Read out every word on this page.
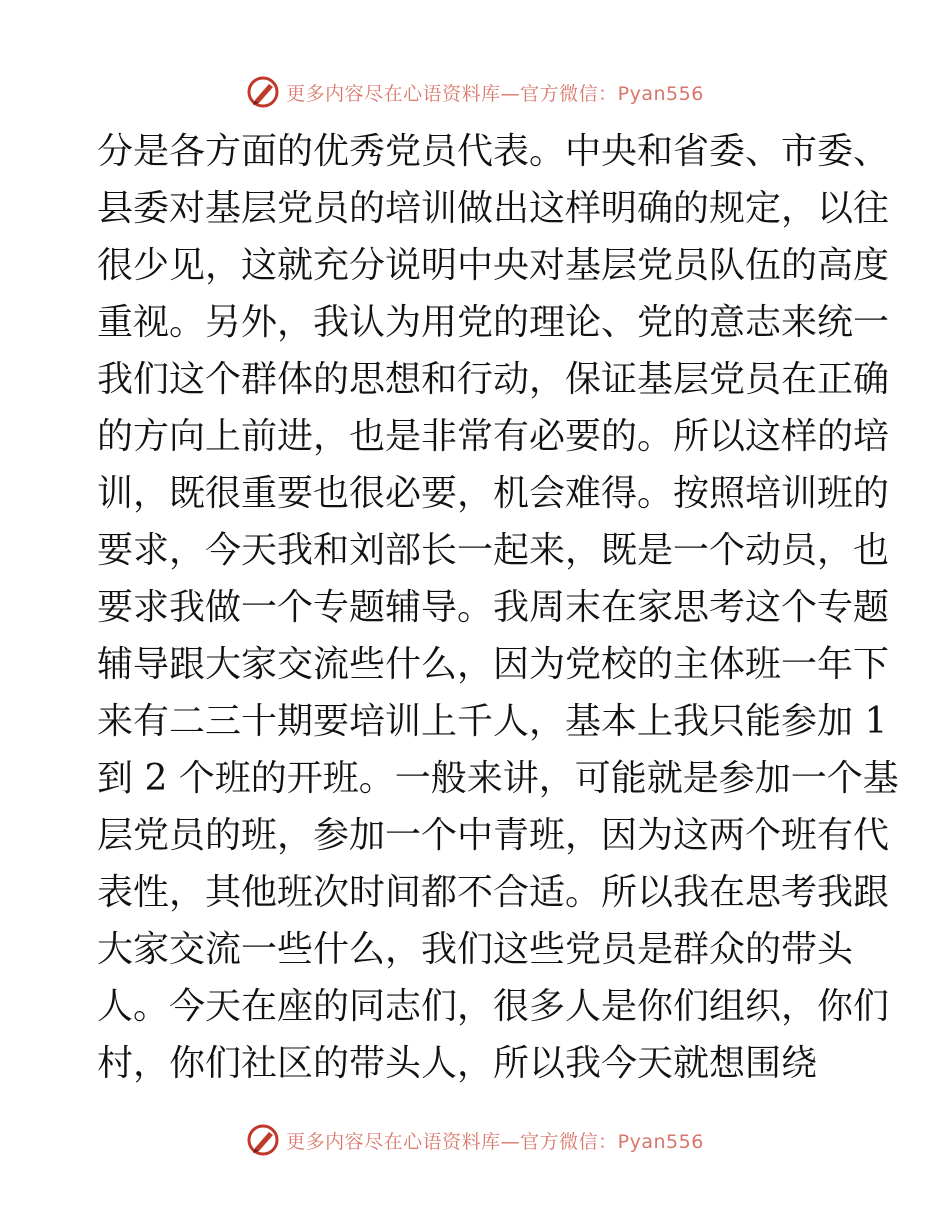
更多内容尽在心语资料库—官方微信：Pyan556
分是各方面的优秀党员代表。中央和省委、市委、
县委对基层党员的培训做出这样明确的规定，以往
很少见，这就充分说明中央对基层党员队伍的高度
重视。另外，我认为用党的理论、党的意志来统一
我们这个群体的思想和行动，保证基层党员在正确
的方向上前进，也是非常有必要的。所以这样的培
训，既很重要也很必要，机会难得。按照培训班的
要求，今天我和刘部长一起来，既是一个动员，也
要求我做一个专题辅导。我周末在家思考这个专题
辅导跟大家交流些什么，因为党校的主体班一年下
来有二三十期要培训上千人，基本上我只能参加 1
到 2 个班的开班。一般来讲，可能就是参加一个基
层党员的班，参加一个中青班，因为这两个班有代
表性，其他班次时间都不合适。所以我在思考我跟
大家交流一些什么，我们这些党员是群众的带头
人。今天在座的同志们，很多人是你们组织，你们
村，你们社区的带头人，所以我今天就想围绕
更多内容尽在心语资料库—官方微信：Pyan556
